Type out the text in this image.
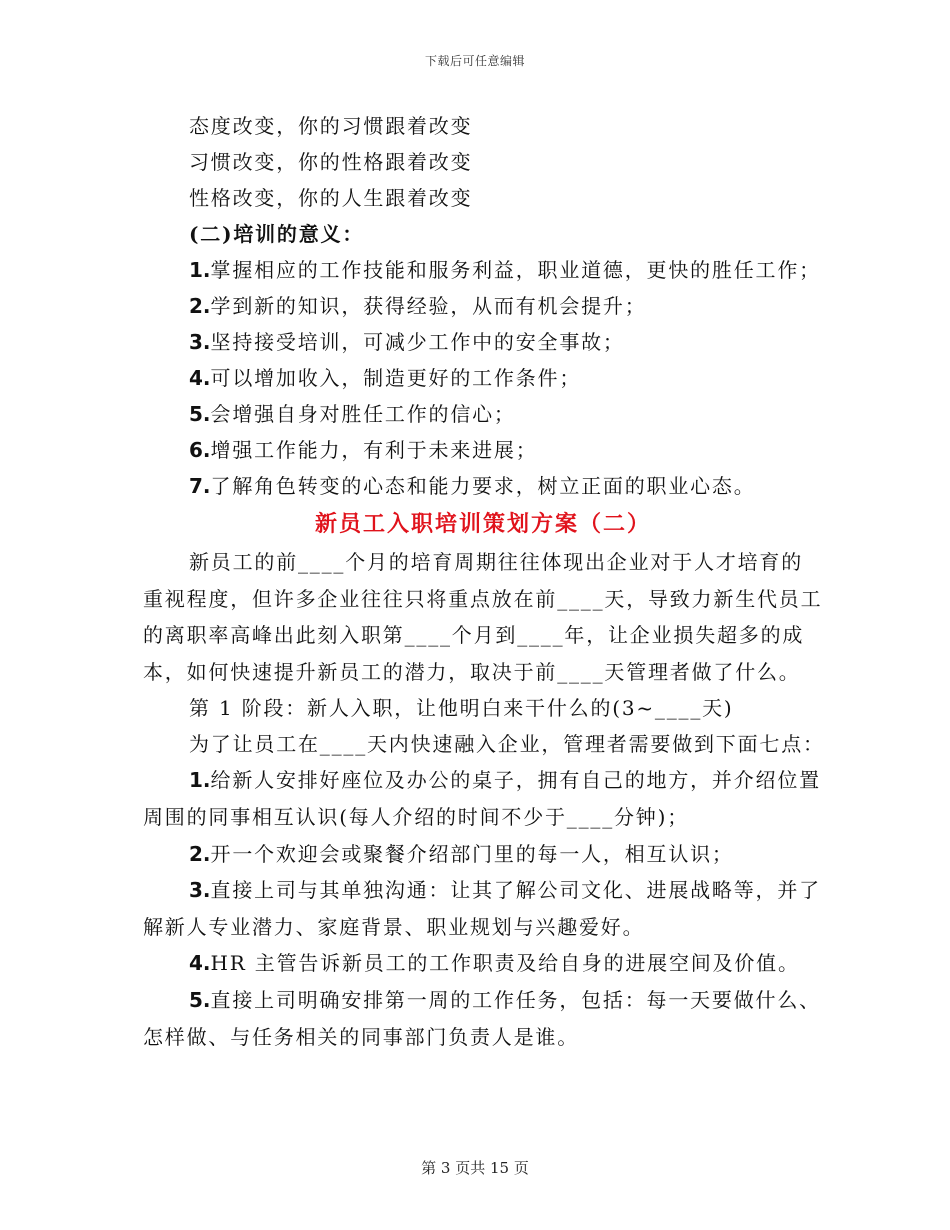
下载后可任意编辑
态度改变，你的习惯跟着改变
习惯改变，你的性格跟着改变
性格改变，你的人生跟着改变
(二)培训的意义：
1.掌握相应的工作技能和服务利益，职业道德，更快的胜任工作；
2.学到新的知识，获得经验，从而有机会提升；
3.坚持接受培训，可减少工作中的安全事故；
4.可以增加收入，制造更好的工作条件；
5.会增强自身对胜任工作的信心；
6.增强工作能力，有利于未来进展；
7.了解角色转变的心态和能力要求，树立正面的职业心态。
新员工入职培训策划方案（二）
新员工的前____个月的培育周期往往体现出企业对于人才培育的重视程度，但许多企业往往只将重点放在前____天，导致力新生代员工的离职率高峰出此刻入职第____个月到____年，让企业损失超多的成本，如何快速提升新员工的潜力，取决于前____天管理者做了什么。
第 1 阶段：新人入职，让他明白来干什么的(3~____天)
为了让员工在____天内快速融入企业，管理者需要做到下面七点：
1.给新人安排好座位及办公的桌子，拥有自己的地方，并介绍位置周围的同事相互认识(每人介绍的时间不少于____分钟)；
2.开一个欢迎会或聚餐介绍部门里的每一人，相互认识；
3.直接上司与其单独沟通：让其了解公司文化、进展战略等，并了解新人专业潜力、家庭背景、职业规划与兴趣爱好。
4.HR 主管告诉新员工的工作职责及给自身的进展空间及价值。
5.直接上司明确安排第一周的工作任务，包括：每一天要做什么、怎样做、与任务相关的同事部门负责人是谁。
第 3 页共 15 页
